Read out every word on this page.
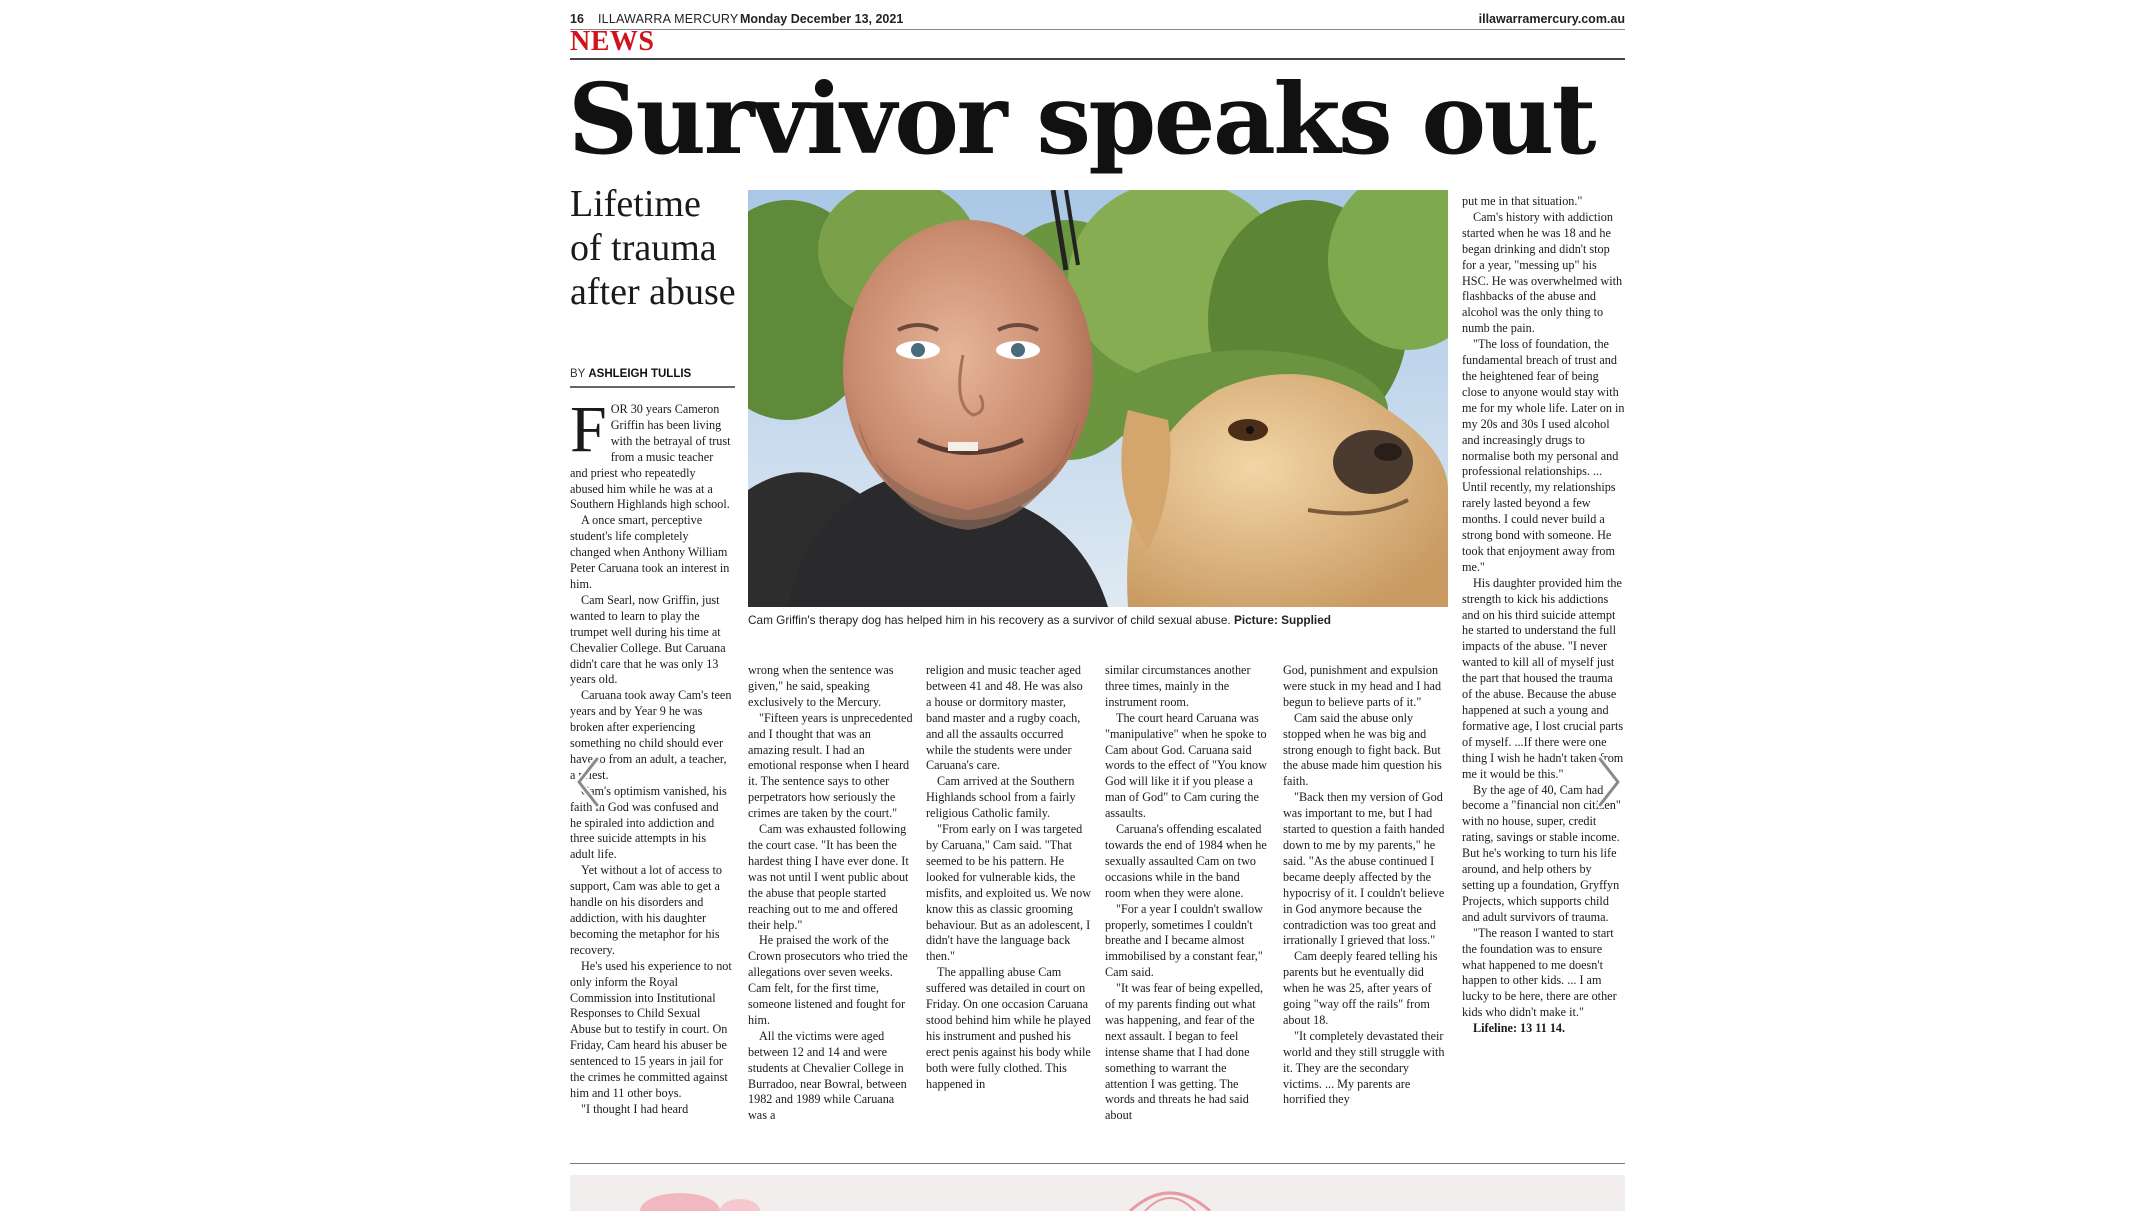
16 ILLAWARRA MERCURY Monday December 13, 2021	illawarramercury.com.au
NEWS
Survivor speaks out
Lifetime of trauma after abuse
BY ASHLEIGH TULLIS
F OR 30 years Cameron Griffin has been living with the betrayal of trust from a music teacher and priest who repeatedly abused him while he was at a Southern Highlands high school.

A once smart, perceptive student's life completely changed when Anthony William Peter Caruana took an interest in him.

Cam Searl, now Griffin, just wanted to learn to play the trumpet well during his time at Chevalier College. But Caruana didn't care that he was only 13 years old.

Caruana took away Cam's teen years and by Year 9 he was broken after experiencing something no child should ever have to from an adult, a teacher, a priest.

Cam's optimism vanished, his faith in God was confused and he spiraled into addiction and three suicide attempts in his adult life.

Yet without a lot of access to support, Cam was able to get a handle on his disorders and addiction, with his daughter becoming the metaphor for his recovery.

He's used his experience to not only inform the Royal Commission into Institutional Responses to Child Sexual Abuse but to testify in court. On Friday, Cam heard his abuser be sentenced to 15 years in jail for the crimes he committed against him and 11 other boys.

"I thought I had heard

Cam Griffin's therapy dog has helped him in his recovery as a survivor of child sexual abuse. Picture: Supplied

wrong when the sentence was given," he said, speaking exclusively to the Mercury.

"Fifteen years is unprecedented and I thought that was an amazing result. I had an emotional response when I heard it. The sentence says to other perpetrators how seriously the crimes are taken by the court."

Cam was exhausted following the court case. "It has been the hardest thing I have ever done. It was not until I went public about the abuse that people started reaching out to me and offered their help."

He praised the work of the Crown prosecutors who tried the allegations over seven weeks. Cam felt, for the first time, someone listened and fought for him.

All the victims were aged between 12 and 14 and were students at Chevalier College in Burradoo, near Bowral, between 1982 and 1989 while Caruana was a

religion and music teacher aged between 41 and 48. He was also a house or dormitory master, band master and a rugby coach, and all the assaults occurred while the students were under Caruana's care.

Cam arrived at the Southern Highlands school from a fairly religious Catholic family.

"From early on I was targeted by Caruana," Cam said. "That seemed to be his pattern. He looked for vulnerable kids, the misfits, and exploited us. We now know this as classic grooming behaviour. But as an adolescent, I didn't have the language back then."

The appalling abuse Cam suffered was detailed in court on Friday. On one occasion Caruana stood behind him while he played his instrument and pushed his erect penis against his body while both were fully clothed. This happened in

similar circumstances another three times, mainly in the instrument room.

The court heard Caruana was "manipulative" when he spoke to Cam about God. Caruana said words to the effect of "You know God will like it if you please a man of God" to Cam curing the assaults.

Caruana's offending escalated towards the end of 1984 when he sexually assaulted Cam on two occasions while in the band room when they were alone.

"For a year I couldn't swallow properly, sometimes I couldn't breathe and I became almost immobilised by a constant fear," Cam said.

"It was fear of being expelled, of my parents finding out what was happening, and fear of the next assault. I began to feel intense shame that I had done something to warrant the attention I was getting. The words and threats he had said about

God, punishment and expulsion were stuck in my head and I had begun to believe parts of it."

Cam said the abuse only stopped when he was big and strong enough to fight back. But the abuse made him question his faith.

"Back then my version of God was important to me, but I had started to question a faith handed down to me by my parents," he said. "As the abuse continued I became deeply affected by the hypocrisy of it. I couldn't believe in God anymore because the contradiction was too great and irrationally I grieved that loss."

Cam deeply feared telling his parents but he eventually did when he was 25, after years of going "way off the rails" from about 18.

"It completely devastated their world and they still struggle with it. They are the secondary victims. ... My parents are horrified they

put me in that situation."

Cam's history with addiction started when he was 18 and he began drinking and didn't stop for a year, "messing up" his HSC. He was overwhelmed with flashbacks of the abuse and alcohol was the only thing to numb the pain.

"The loss of foundation, the fundamental breach of trust and the heightened fear of being close to anyone would stay with me for my whole life. Later on in my 20s and 30s I used alcohol and increasingly drugs to normalise both my personal and professional relationships. ... Until recently, my relationships rarely lasted beyond a few months. I could never build a strong bond with someone. He took that enjoyment away from me."

His daughter provided him the strength to kick his addictions and on his third suicide attempt he started to understand the full impacts of the abuse. "I never wanted to kill all of myself just the part that housed the trauma of the abuse. Because the abuse happened at such a young and formative age, I lost crucial parts of myself. ...If there were one thing I wish he hadn't taken from me it would be this."

By the age of 40, Cam had become a "financial non citizen" with no house, super, credit rating, savings or stable income. But he's working to turn his life around, and help others by setting up a foundation, Gryffyn Projects, which supports child and adult survivors of trauma.

"The reason I wanted to start the foundation was to ensure what happened to me doesn't happen to other kids. ... I am lucky to be here, there are other kids who didn't make it."

Lifeline: 13 11 14.
